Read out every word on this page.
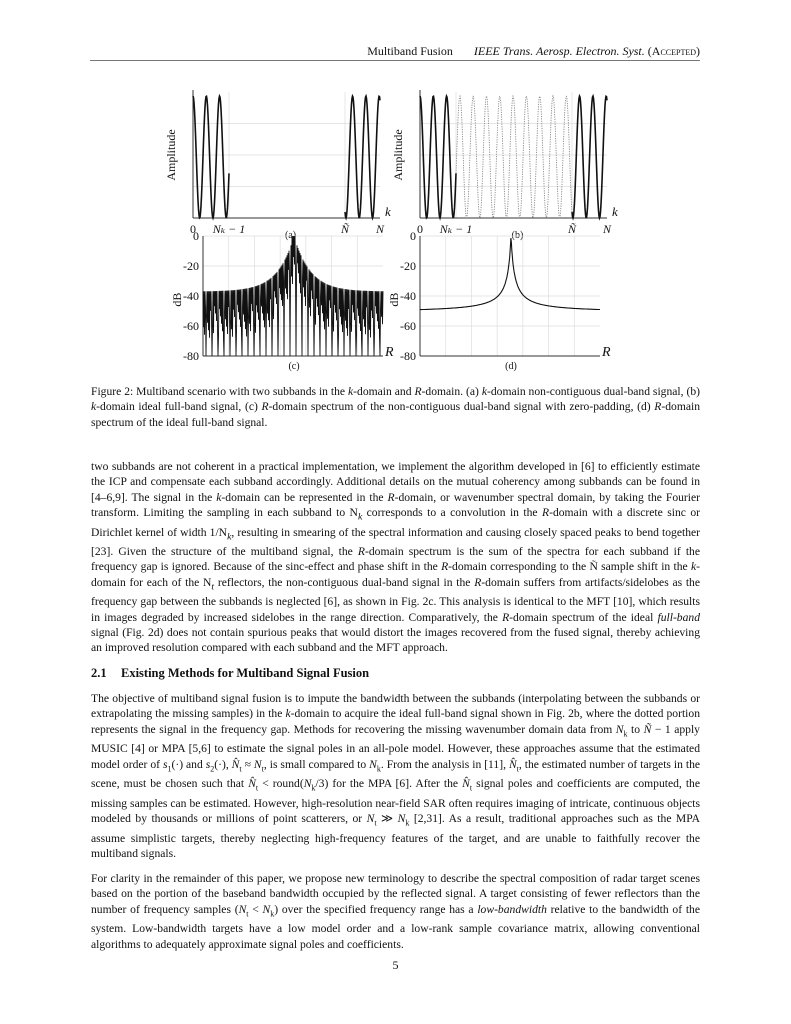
Multiband Fusion IEEE Trans. Aerosp. Electron. Syst. (Accepted)
Amplitude
k
0 Nₖ − 1	Ñ N
(a)
Amplitude
k
0 Nₖ − 1	Ñ N
(b)
0
-20
-40
-60
-80
dB
R
(c)
0
-20
-40
-60
-80
dB
R
(d)
Figure 2: Multiband scenario with two subbands in the k-domain and R-domain. (a) k-domain non-contiguous dual-band signal, (b) k-domain ideal full-band signal, (c) R-domain spectrum of the non-contiguous dual-band signal with zero-padding, (d) R-domain spectrum of the ideal full-band signal.
two subbands are not coherent in a practical implementation, we implement the algorithm developed in [6] to efficiently estimate the ICP and compensate each subband accordingly. Additional details on the mutual coherency among subbands can be found in [4–6,9]. The signal in the k-domain can be represented in the R-domain, or wavenumber spectral domain, by taking the Fourier transform. Limiting the sampling in each subband to $N_k$ corresponds to a convolution in the R-domain with a discrete sinc or Dirichlet kernel of width $1/N_k$, resulting in smearing of the spectral information and causing closely spaced peaks to bend together [23]. Given the structure of the multiband signal, the R-domain spectrum is the sum of the spectra for each subband if the frequency gap is ignored. Because of the sinc-effect and phase shift in the R-domain corresponding to the Ñ sample shift in the k-domain for each of the $N_t$ reflectors, the non-contiguous dual-band signal in the R-domain suffers from artifacts/sidelobes as the frequency gap between the subbands is neglected [6], as shown in Fig. 2c. This analysis is identical to the MFT [10], which results in images degraded by increased sidelobes in the range direction. Comparatively, the R-domain spectrum of the ideal full-band signal (Fig. 2d) does not contain spurious peaks that would distort the images recovered from the fused signal, thereby achieving an improved resolution compared with each subband and the MFT approach.
2.1 Existing Methods for Multiband Signal Fusion
The objective of multiband signal fusion is to impute the bandwidth between the subbands (interpolating between the subbands or extrapolating the missing samples) in the k-domain to acquire the ideal full-band signal shown in Fig. 2b, where the dotted portion represents the signal in the frequency gap. Methods for recovering the missing wavenumber domain data from $N_k$ to Ñ − 1 apply MUSIC [4] or MPA [5,6] to estimate the signal poles in an all-pole model. However, these approaches assume that the estimated model order of $s_1(\cdot)$ and $s_2(\cdot)$, $N̂_t \approx N_t$, is small compared to $N_k$. From the analysis in [11], $N̂_t$, the estimated number of targets in the scene, must be chosen such that $N̂_t$ < $round(N_k/3)$ for the MPA [6]. After the $N̂_t$ signal poles and coefficients are computed, the missing samples can be estimated. However, high-resolution near-field SAR often requires imaging of intricate, continuous objects modeled by thousands or millions of point scatterers, or $N_t$ ≫ $N_k$ [2,31]. As a result, traditional approaches such as the MPA assume simplistic targets, thereby neglecting high-frequency features of the target, and are unable to faithfully recover the multiband signals.
For clarity in the remainder of this paper, we propose new terminology to describe the spectral composition of radar target scenes based on the portion of the baseband bandwidth occupied by the reflected signal. A target consisting of fewer reflectors than the number of frequency samples $(N_t < N_k)$ over the specified frequency range has a low-bandwidth relative to the bandwidth of the system. Low-bandwidth targets have a low model order and a low-rank sample covariance matrix, allowing conventional algorithms to adequately approximate signal poles and coefficients.
5
